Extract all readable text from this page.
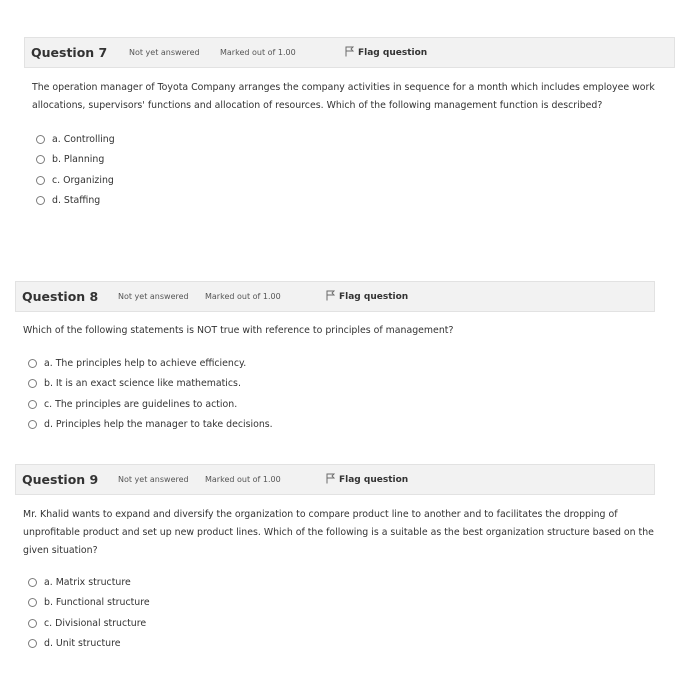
Question 7	Not yet answered	Marked out of 1.00	Flag question
The operation manager of Toyota Company arranges the company activities in sequence for a month which includes employee work allocations, supervisors' functions and allocation of resources. Which of the following management function is described?
a. Controlling
b. Planning
c. Organizing
d. Staffing
Question 8 Not yet answered Marked out of 1.00	Flag question
Which of the following statements is NOT true with reference to principles of management?
a. The principles help to achieve efficiency.
b. It is an exact science like mathematics.
c. The principles are guidelines to action.
d. Principles help the manager to take decisions.
Question 9 Not yet answered Marked out of 1.00	Flag question
Mr. Khalid wants to expand and diversify the organization to compare product line to another and to facilitates the dropping of unprofitable product and set up new product lines. Which of the following is a suitable as the best organization structure based on the given situation?
a. Matrix structure
b. Functional structure
c. Divisional structure
d. Unit structure
